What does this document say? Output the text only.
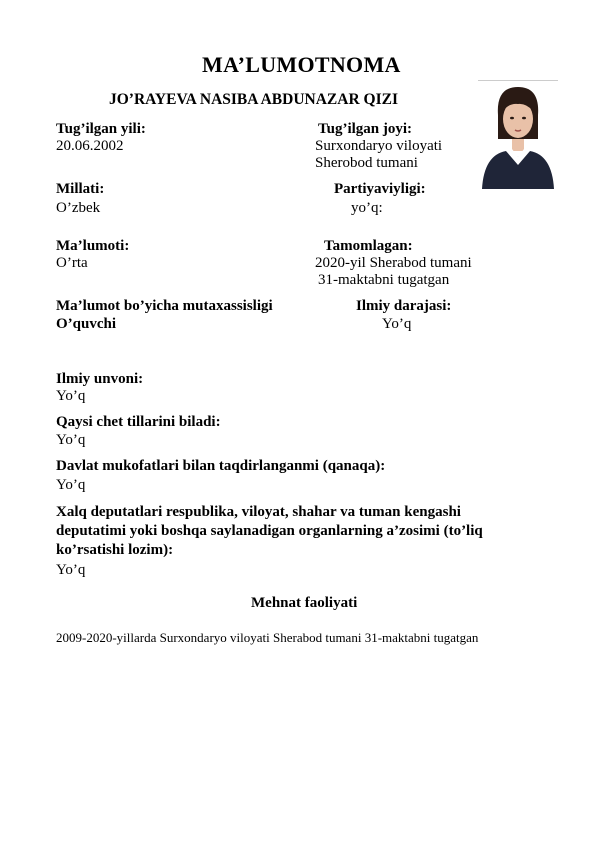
MA’LUMOTNOMA
JO’RAYEVA NASIBA ABDUNAZAR QIZI
Tug’ilgan yili:
20.06.2002
Tug’ilgan joyi:
Surxondaryo viloyati
Sherobod tumani
Millati:
O’zbek
Partiyaviyligi:
yo’q:
Ma’lumoti:
O’rta
Tamomlagan:
2020-yil Sherabod tumani
31-maktabni tugatgan
Ma’lumot bo’yicha mutaxassisligi
O’quvchi
Ilmiy darajasi:
Yo’q
Ilmiy unvoni:
Yo’q
Qaysi chet tillarini biladi:
Yo’q
Davlat mukofatlari bilan taqdirlanganmi (qanaqa):
Yo’q
Xalq deputatlari respublika, viloyat, shahar va tuman kengashi deputatimi yoki boshqa saylanadigan organlarning a’zosimi (to’liq ko’rsatishi lozim):
Yo’q
Mehnat faoliyati
2009-2020-yillarda Surxondaryo viloyati Sherabod tumani 31-maktabni tugatgan
